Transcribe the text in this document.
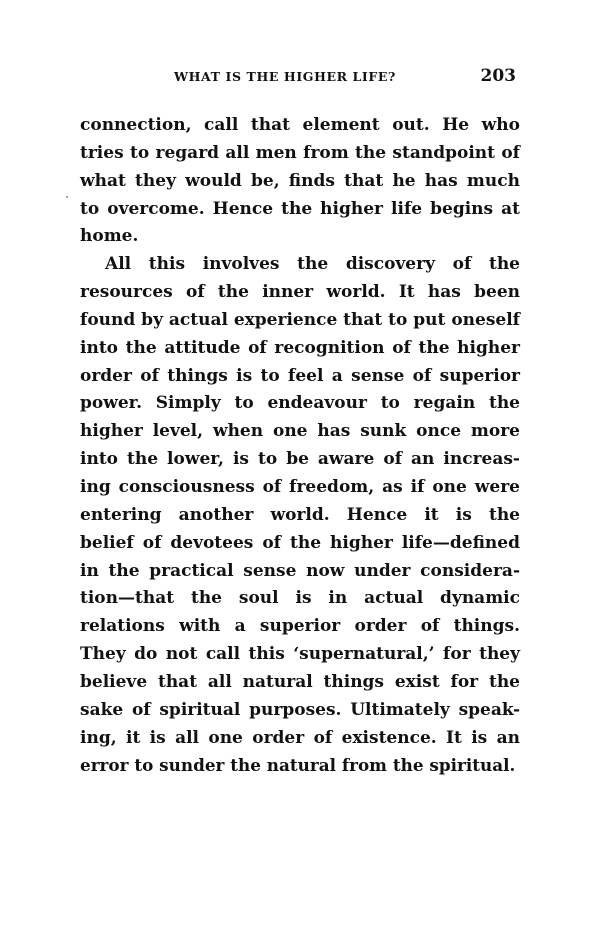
WHAT IS THE HIGHER LIFE?	203
connection, call that element out. He who
tries to regard all men from the standpoint of
what they would be, finds that he has much
to overcome. Hence the higher life begins at
home.
All this involves the discovery of the
resources of the inner world. It has been
found by actual experience that to put oneself
into the attitude of recognition of the higher
order of things is to feel a sense of superior
power. Simply to endeavour to regain the
higher level, when one has sunk once more
into the lower, is to be aware of an increas-
ing consciousness of freedom, as if one were
entering another world. Hence it is the
belief of devotees of the higher life—defined
in the practical sense now under considera-
tion—that the soul is in actual dynamic
relations with a superior order of things.
They do not call this ‘supernatural,’ for they
believe that all natural things exist for the
sake of spiritual purposes. Ultimately speak-
ing, it is all one order of existence. It is an
error to sunder the natural from the spiritual.
